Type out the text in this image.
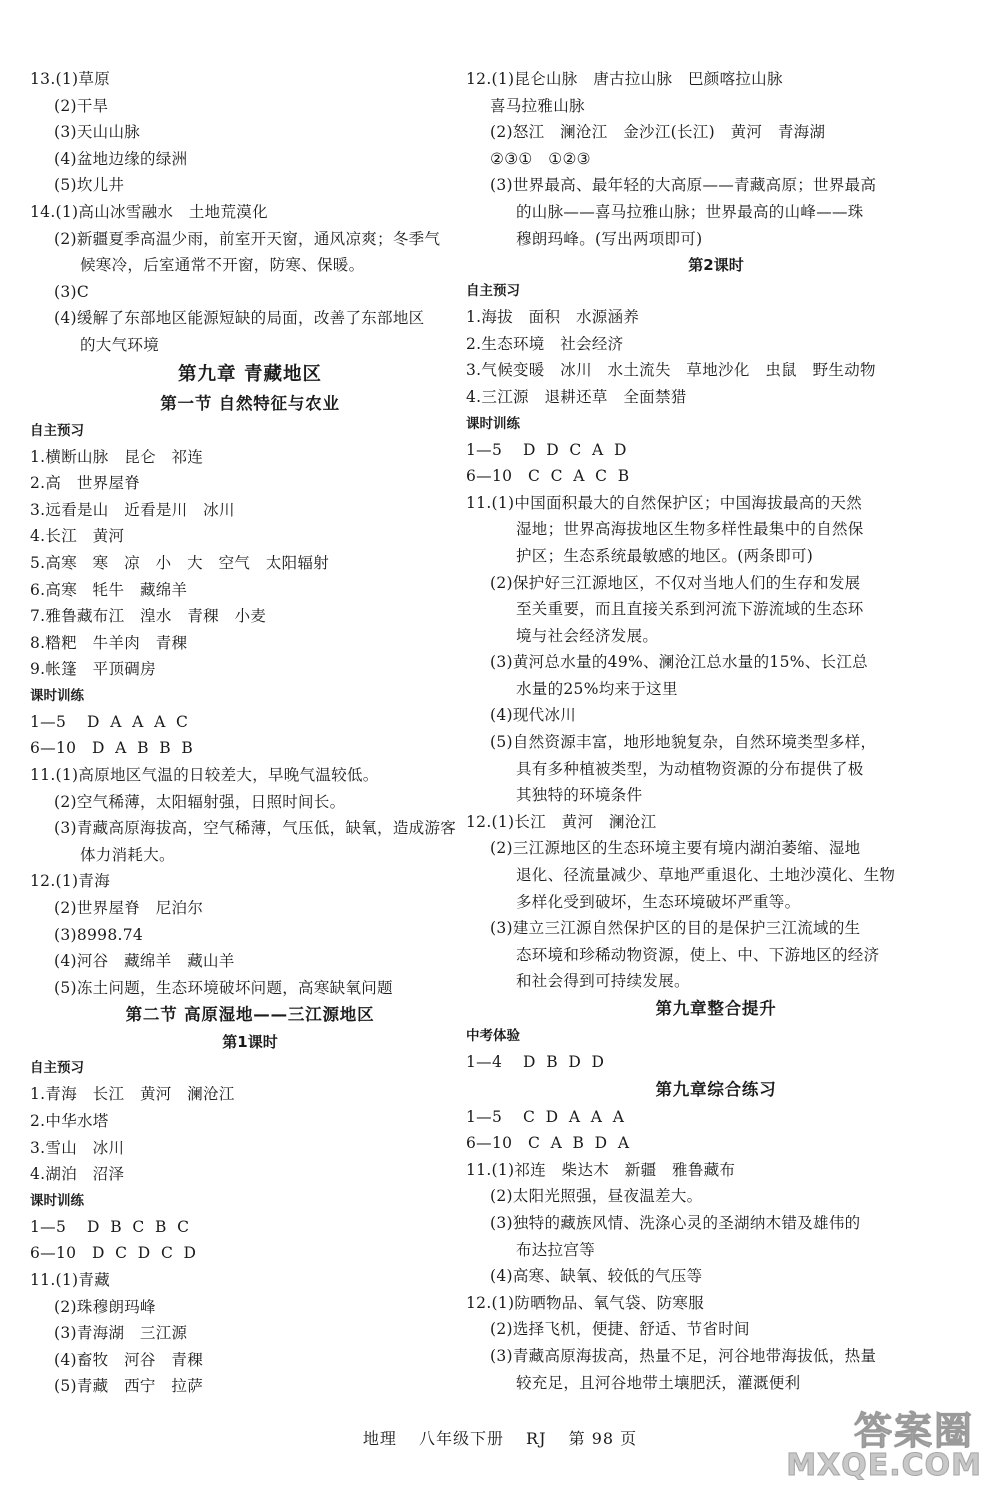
13.(1)草原
(2)干旱
(3)天山山脉
(4)盆地边缘的绿洲
(5)坎儿井
14.(1)高山冰雪融水   土地荒漠化
(2)新疆夏季高温少雨，前室开天窗，通风凉爽；冬季气
候寒冷，后室通常不开窗，防寒、保暖。
(3)C
(4)缓解了东部地区能源短缺的局面，改善了东部地区
的大气环境
第九章 青藏地区
第一节 自然特征与农业
自主预习
1.横断山脉   昆仑   祁连
2.高   世界屋脊
3.远看是山   近看是川   冰川
4.长江   黄河
5.高寒   寒   凉   小   大   空气   太阳辐射
6.高寒   牦牛   藏绵羊
7.雅鲁藏布江   湟水   青稞   小麦
8.糌粑   牛羊肉   青稞
9.帐篷   平顶碉房
课时训练
1—5    D  A  A  A  C
6—10   D  A  B  B  B
11.(1)高原地区气温的日较差大，早晚气温较低。
(2)空气稀薄，太阳辐射强，日照时间长。
(3)青藏高原海拔高，空气稀薄，气压低，缺氧，造成游客
体力消耗大。
12.(1)青海
(2)世界屋脊   尼泊尔
(3)8998.74
(4)河谷   藏绵羊   藏山羊
(5)冻土问题，生态环境破坏问题，高寒缺氧问题
第二节 高原湿地——三江源地区
第1课时
自主预习
1.青海   长江   黄河   澜沧江
2.中华水塔
3.雪山   冰川
4.湖泊   沼泽
课时训练
1—5    D  B  C  B  C
6—10   D  C  D  C  D
11.(1)青藏
(2)珠穆朗玛峰
(3)青海湖   三江源
(4)畜牧   河谷   青稞
(5)青藏   西宁   拉萨
12.(1)昆仑山脉   唐古拉山脉   巴颜喀拉山脉
喜马拉雅山脉
(2)怒江   澜沧江   金沙江(长江)   黄河   青海湖
②③①   ①②③
(3)世界最高、最年轻的大高原——青藏高原；世界最高
的山脉——喜马拉雅山脉；世界最高的山峰——珠
穆朗玛峰。(写出两项即可)
第2课时
自主预习
1.海拔   面积   水源涵养
2.生态环境   社会经济
3.气候变暖   冰川   水土流失   草地沙化   虫鼠   野生动物
4.三江源   退耕还草   全面禁猎
课时训练
1—5    D  D  C  A  D
6—10   C  C  A  C  B
11.(1)中国面积最大的自然保护区；中国海拔最高的天然
湿地；世界高海拔地区生物多样性最集中的自然保
护区；生态系统最敏感的地区。(两条即可)
(2)保护好三江源地区，不仅对当地人们的生存和发展
至关重要，而且直接关系到河流下游流域的生态环
境与社会经济发展。
(3)黄河总水量的49%、澜沧江总水量的15%、长江总
水量的25%均来于这里
(4)现代冰川
(5)自然资源丰富，地形地貌复杂，自然环境类型多样，
具有多种植被类型，为动植物资源的分布提供了极
其独特的环境条件
12.(1)长江   黄河   澜沧江
(2)三江源地区的生态环境主要有境内湖泊萎缩、湿地
退化、径流量减少、草地严重退化、土地沙漠化、生物
多样化受到破坏，生态环境破坏严重等。
(3)建立三江源自然保护区的目的是保护三江流域的生
态环境和珍稀动物资源，使上、中、下游地区的经济
和社会得到可持续发展。
第九章整合提升
中考体验
1—4    D  B  D  D
第九章综合练习
1—5    C  D  A  A  A
6—10   C  A  B  D  A
11.(1)祁连   柴达木   新疆   雅鲁藏布
(2)太阳光照强，昼夜温差大。
(3)独特的藏族风情、洗涤心灵的圣湖纳木错及雄伟的
布达拉宫等
(4)高寒、缺氧、较低的气压等
12.(1)防晒物品、氧气袋、防寒服
(2)选择飞机，便捷、舒适、节省时间
(3)青藏高原海拔高，热量不足，河谷地带海拔低，热量
较充足，且河谷地带土壤肥沃，灌溉便利
地理 八年级下册 RJ 第 98 页	答案圈
MXQE.COM
